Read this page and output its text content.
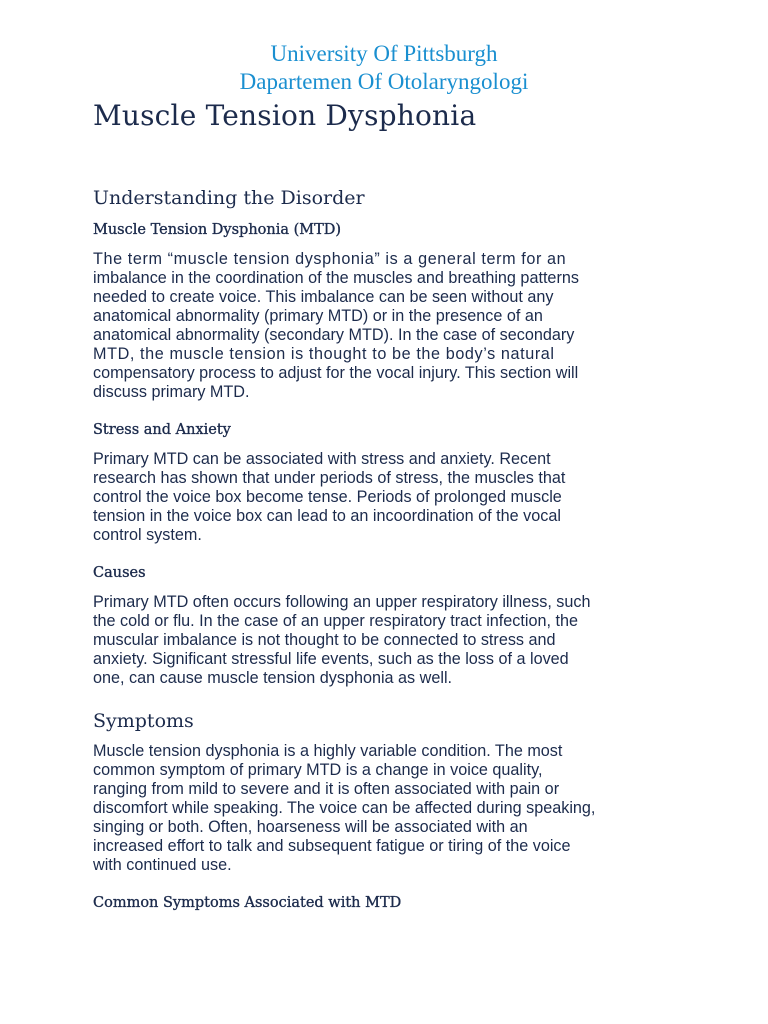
University Of Pittsburgh
Dapartemen Of Otolaryngologi
Muscle Tension Dysphonia
Understanding the Disorder
Muscle Tension Dysphonia (MTD)

The term “muscle tension dysphonia” is a general term for an
imbalance in the coordination of the muscles and breathing patterns
needed to create voice. This imbalance can be seen without any
anatomical abnormality (primary MTD) or in the presence of an
anatomical abnormality (secondary MTD). In the case of secondary
MTD, the muscle tension is thought to be the body’s natural
compensatory process to adjust for the vocal injury. This section will
discuss primary MTD.

Stress and Anxiety

Primary MTD can be associated with stress and anxiety. Recent
research has shown that under periods of stress, the muscles that
control the voice box become tense. Periods of prolonged muscle
tension in the voice box can lead to an incoordination of the vocal
control system.

Causes

Primary MTD often occurs following an upper respiratory illness, such
the cold or flu. In the case of an upper respiratory tract infection, the
muscular imbalance is not thought to be connected to stress and
anxiety. Significant stressful life events, such as the loss of a loved
one, can cause muscle tension dysphonia as well.

Symptoms

Muscle tension dysphonia is a highly variable condition. The most
common symptom of primary MTD is a change in voice quality,
ranging from mild to severe and it is often associated with pain or
discomfort while speaking. The voice can be affected during speaking,
singing or both. Often, hoarseness will be associated with an
increased effort to talk and subsequent fatigue or tiring of the voice
with continued use.

Common Symptoms Associated with MTD
